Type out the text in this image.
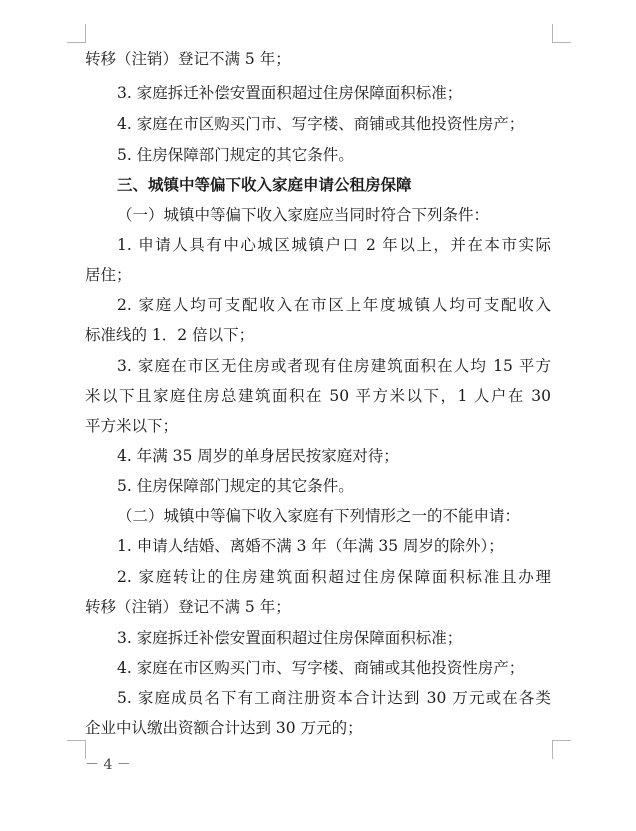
转移（注销）登记不满 5 年；
3. 家庭拆迁补偿安置面积超过住房保障面积标准；
4. 家庭在市区购买门市、写字楼、商铺或其他投资性房产；
5. 住房保障部门规定的其它条件。
三、城镇中等偏下收入家庭申请公租房保障
（一）城镇中等偏下收入家庭应当同时符合下列条件：
1. 申请人具有中心城区城镇户口 2 年以上，并在本市实际
居住；
2. 家庭人均可支配收入在市区上年度城镇人均可支配收入
标准线的 1．2 倍以下；
3. 家庭在市区无住房或者现有住房建筑面积在人均 15 平方
米以下且家庭住房总建筑面积在 50 平方米以下，1 人户在 30
平方米以下；
4. 年满 35 周岁的单身居民按家庭对待；
5. 住房保障部门规定的其它条件。
（二）城镇中等偏下收入家庭有下列情形之一的不能申请：
1. 申请人结婚、离婚不满 3 年（年满 35 周岁的除外）；
2. 家庭转让的住房建筑面积超过住房保障面积标准且办理
转移（注销）登记不满 5 年；
3. 家庭拆迁补偿安置面积超过住房保障面积标准；
4. 家庭在市区购买门市、写字楼、商铺或其他投资性房产；
5. 家庭成员名下有工商注册资本合计达到 30 万元或在各类
企业中认缴出资额合计达到 30 万元的；
－ 4 －
